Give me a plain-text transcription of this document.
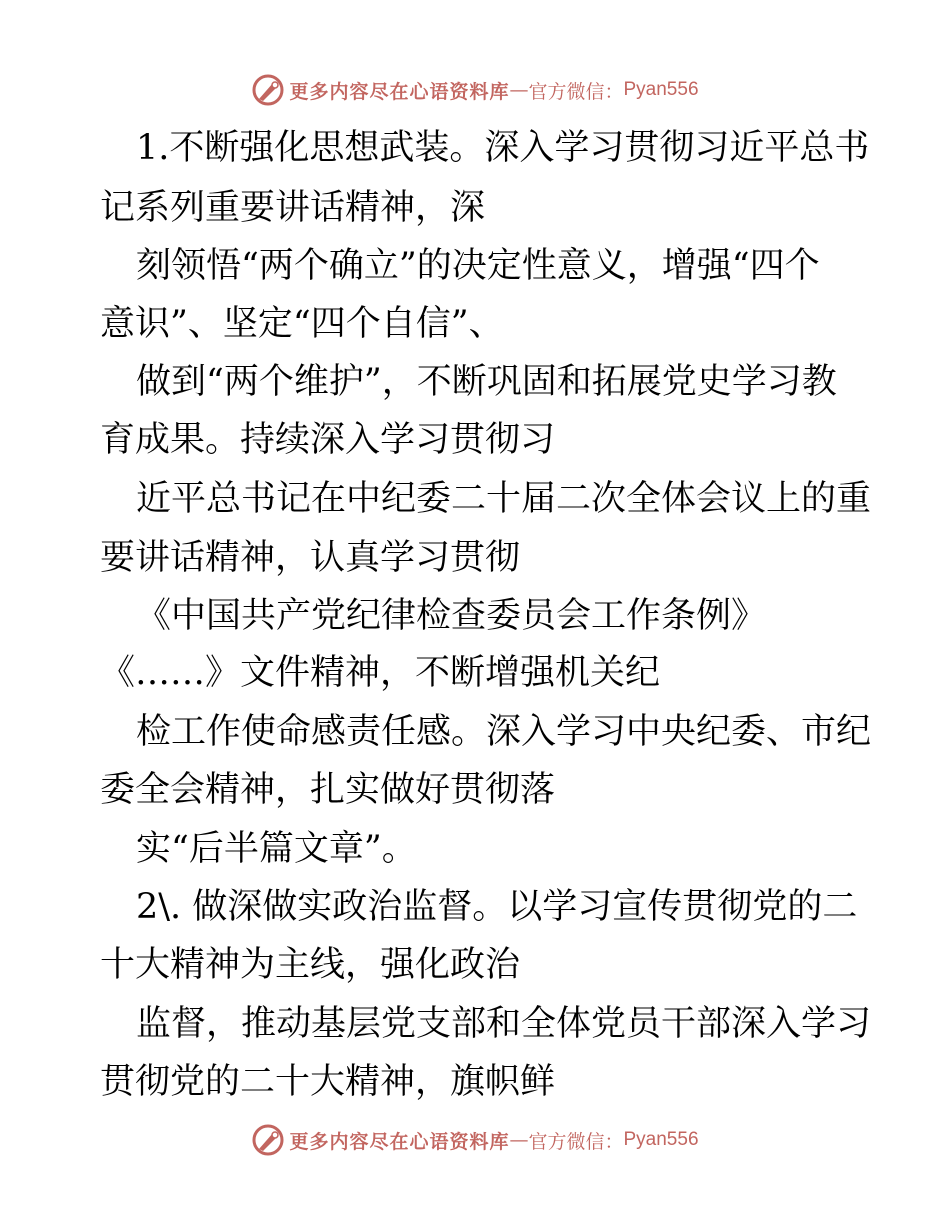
更多内容尽在心语资料库 — 官方微信： Pyan556
1.不断强化思想武装。深入学习贯彻习近平总书
记系列重要讲话精神，深
刻领悟“两个确立”的决定性意义，增强“四个
意识”、坚定“四个自信”、
做到“两个维护”，不断巩固和拓展党史学习教
育成果。持续深入学习贯彻习
近平总书记在中纪委二十届二次全体会议上的重
要讲话精神，认真学习贯彻
《中国共产党纪律检查委员会工作条例》
《……》文件精神，不断增强机关纪
检工作使命感责任感。深入学习中央纪委、市纪
委全会精神，扎实做好贯彻落
实“后半篇文章”。
2\. 做深做实政治监督。以学习宣传贯彻党的二
十大精神为主线，强化政治
监督，推动基层党支部和全体党员干部深入学习
贯彻党的二十大精神，旗帜鲜
更多内容尽在心语资料库 — 官方微信： Pyan556
